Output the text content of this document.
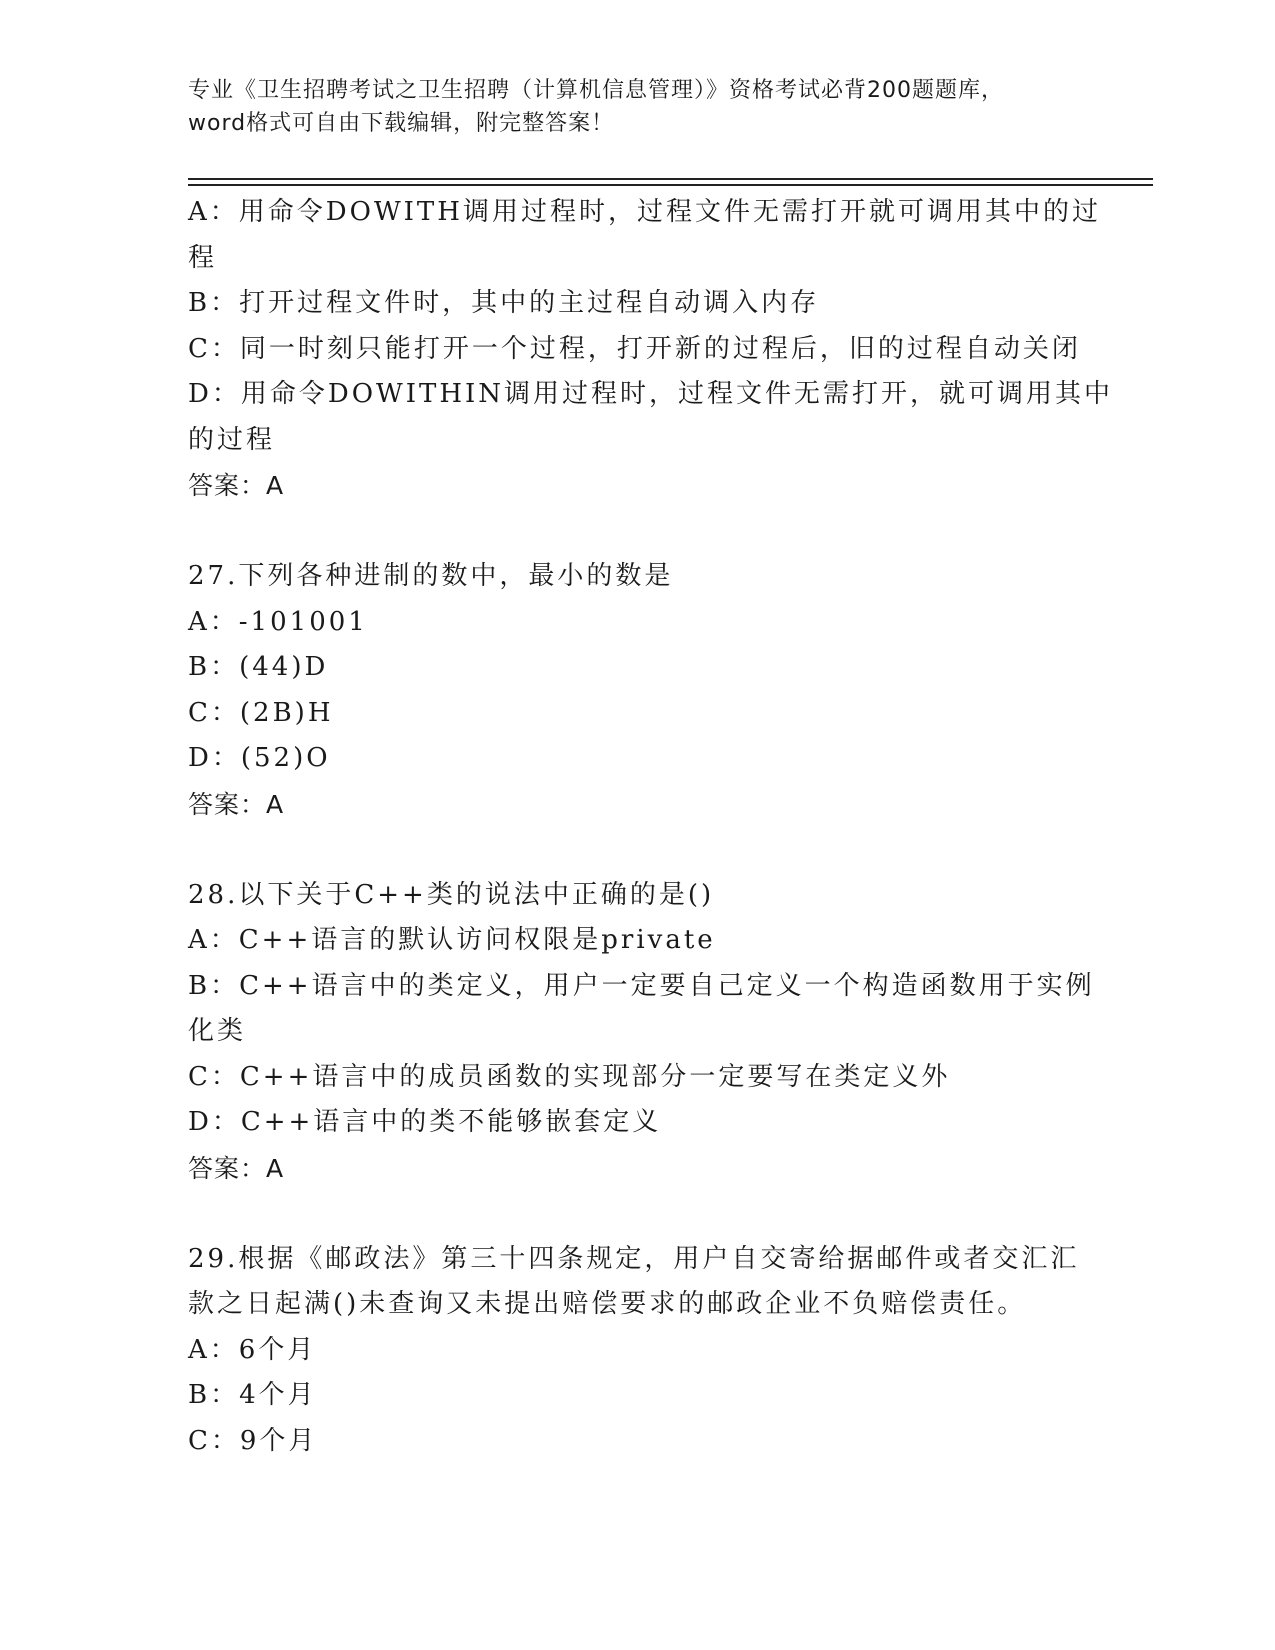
专业《卫生招聘考试之卫生招聘（计算机信息管理）》资格考试必背200题题库，
word格式可自由下载编辑，附完整答案！
A：用命令DOWITH调用过程时，过程文件无需打开就可调用其中的过
程
B：打开过程文件时，其中的主过程自动调入内存
C：同一时刻只能打开一个过程，打开新的过程后，旧的过程自动关闭
D：用命令DOWITHIN调用过程时，过程文件无需打开，就可调用其中
的过程
答案：A
27.下列各种进制的数中，最小的数是
A：-101001
B：(44)D
C：(2B)H
D：(52)O
答案：A
28.以下关于C++类的说法中正确的是()
A：C++语言的默认访问权限是private
B：C++语言中的类定义，用户一定要自己定义一个构造函数用于实例
化类
C：C++语言中的成员函数的实现部分一定要写在类定义外
D：C++语言中的类不能够嵌套定义
答案：A
29.根据《邮政法》第三十四条规定，用户自交寄给据邮件或者交汇汇
款之日起满()未查询又未提出赔偿要求的邮政企业不负赔偿责任。
A：6个月
B：4个月
C：9个月
